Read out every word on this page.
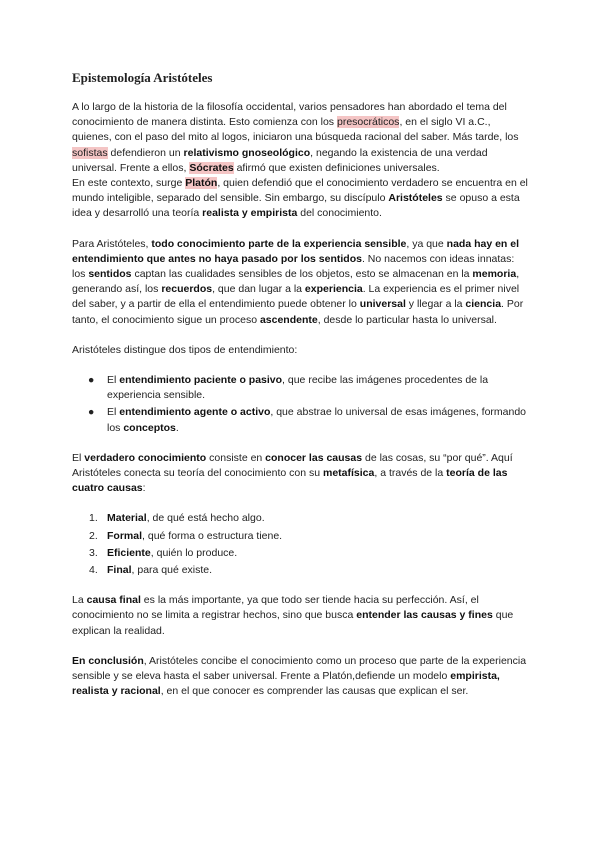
Epistemología Aristóteles

A lo largo de la historia de la filosofía occidental, varios pensadores han abordado el tema del conocimiento de manera distinta. Esto comienza con los presocráticos, en el siglo VI a.C., quienes, con el paso del mito al logos, iniciaron una búsqueda racional del saber. Más tarde, los sofistas defendieron un relativismo gnoseológico, negando la existencia de una verdad universal. Frente a ellos, Sócrates afirmó que existen definiciones universales.

En este contexto, surge Platón, quien defendió que el conocimiento verdadero se encuentra en el mundo inteligible, separado del sensible. Sin embargo, su discípulo Aristóteles se opuso a esta idea y desarrolló una teoría realista y empirista del conocimiento.

Para Aristóteles, todo conocimiento parte de la experiencia sensible, ya que nada hay en el entendimiento que antes no haya pasado por los sentidos. No nacemos con ideas innatas: los sentidos captan las cualidades sensibles de los objetos, esto se almacenan en la memoria, generando así, los recuerdos, que dan lugar a la experiencia. La experiencia es el primer nivel del saber, y a partir de ella el entendimiento puede obtener lo universal y llegar a la ciencia. Por tanto, el conocimiento sigue un proceso ascendente, desde lo particular hasta lo universal.

Aristóteles distingue dos tipos de entendimiento:

● El entendimiento paciente o pasivo, que recibe las imágenes procedentes de la experiencia sensible.
● El entendimiento agente o activo, que abstrae lo universal de esas imágenes, formando los conceptos.

El verdadero conocimiento consiste en conocer las causas de las cosas, su “por qué”. Aquí Aristóteles conecta su teoría del conocimiento con su metafísica, a través de la teoría de las cuatro causas:

1. Material, de qué está hecho algo.
2. Formal, qué forma o estructura tiene.
3. Eficiente, quién lo produce.
4. Final, para qué existe.

La causa final es la más importante, ya que todo ser tiende hacia su perfección. Así, el conocimiento no se limita a registrar hechos, sino que busca entender las causas y fines que explican la realidad.

En conclusión, Aristóteles concibe el conocimiento como un proceso que parte de la experiencia sensible y se eleva hasta el saber universal. Frente a Platón,defiende un modelo empirista, realista y racional, en el que conocer es comprender las causas que explican el ser.
